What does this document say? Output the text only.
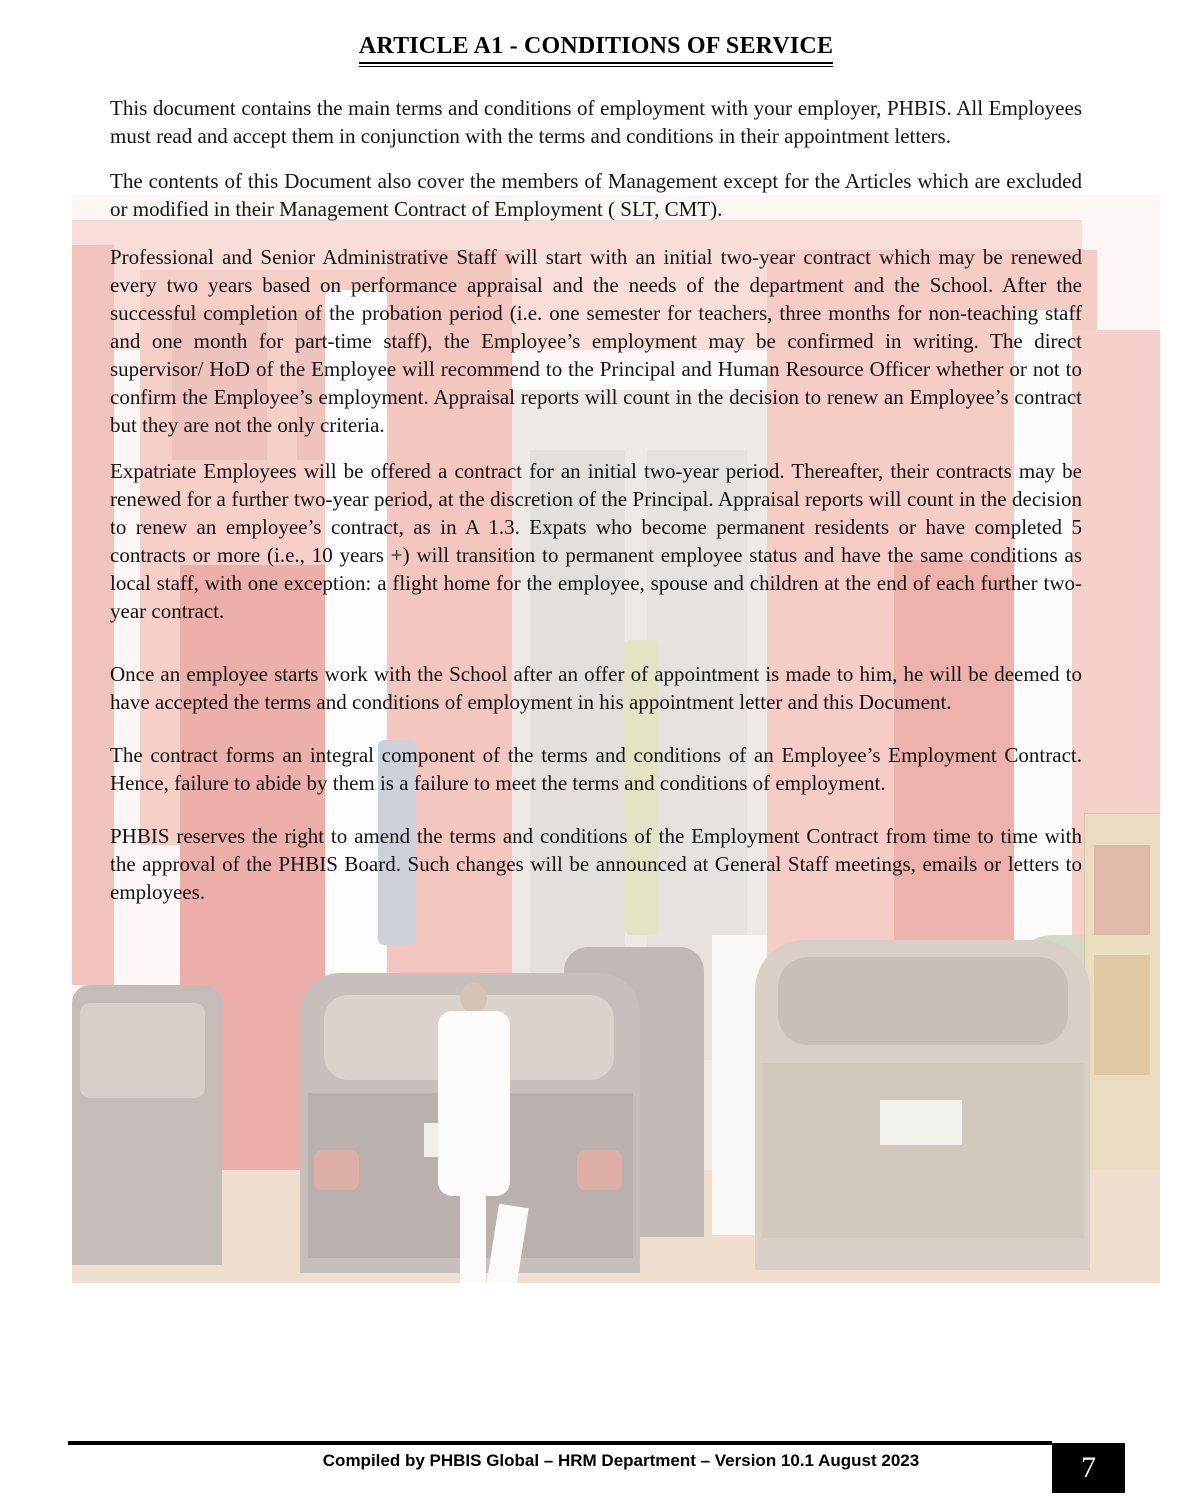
ARTICLE A1 - CONDITIONS OF SERVICE

This document contains the main terms and conditions of employment with your employer, PHBIS. All Employees must read and accept them in conjunction with the terms and conditions in their appointment letters.

The contents of this Document also cover the members of Management except for the Articles which are excluded or modified in their Management Contract of Employment ( SLT, CMT).

Professional and Senior Administrative Staff will start with an initial two-year contract which may be renewed every two years based on performance appraisal and the needs of the department and the School. After the successful completion of the probation period (i.e. one semester for teachers, three months for non-teaching staff and one month for part-time staff), the Employee’s employment may be confirmed in writing. The direct supervisor/ HoD of the Employee will recommend to the Principal and Human Resource Officer whether or not to confirm the Employee’s employment. Appraisal reports will count in the decision to renew an Employee’s contract but they are not the only criteria.

Expatriate Employees will be offered a contract for an initial two-year period. Thereafter, their contracts may be renewed for a further two-year period, at the discretion of the Principal. Appraisal reports will count in the decision to renew an employee’s contract, as in A 1.3. Expats who become permanent residents or have completed 5 contracts or more (i.e., 10 years +) will transition to permanent employee status and have the same conditions as local staff, with one exception: a flight home for the employee, spouse and children at the end of each further two- year contract.

Once an employee starts work with the School after an offer of appointment is made to him, he will be deemed to have accepted the terms and conditions of employment in his appointment letter and this Document.

The contract forms an integral component of the terms and conditions of an Employee’s Employment Contract. Hence, failure to abide by them is a failure to meet the terms and conditions of employment.

PHBIS reserves the right to amend the terms and conditions of the Employment Contract from time to time with the approval of the PHBIS Board. Such changes will be announced at General Staff meetings, emails or letters to employees.

Compiled by PHBIS Global – HRM Department – Version 10.1 August 2023	7
